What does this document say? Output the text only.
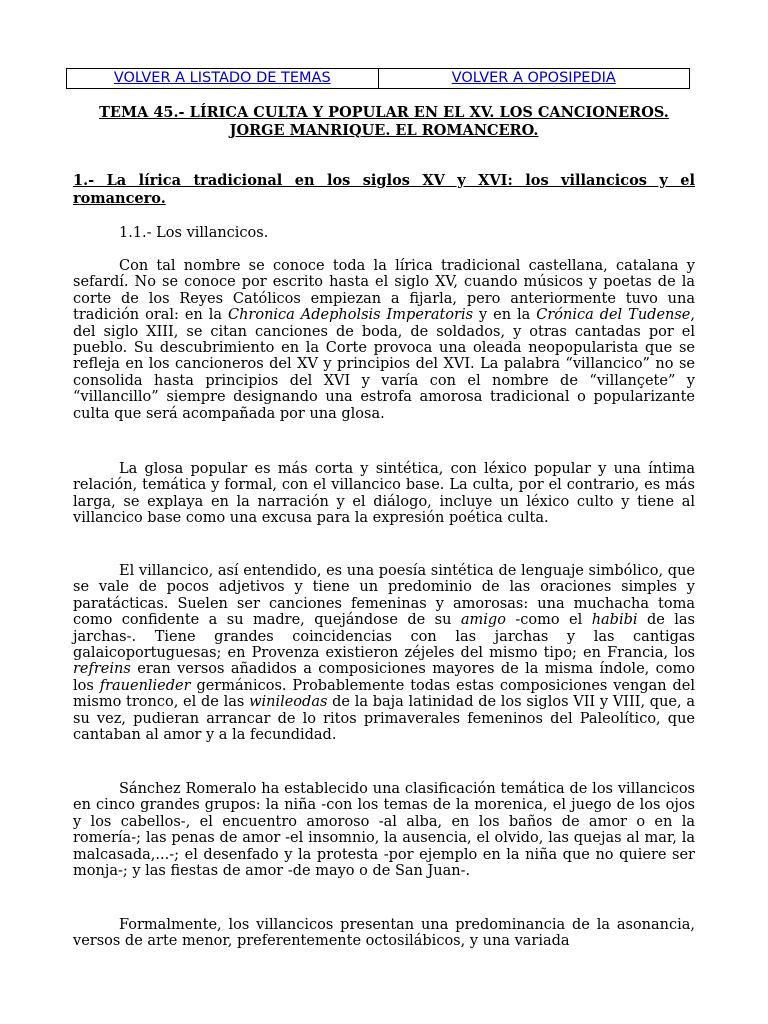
VOLVER A LISTADO DE TEMAS	VOLVER A OPOSIPEDIA
TEMA 45.- LÍRICA CULTA Y POPULAR EN EL XV. LOS CANCIONEROS.
JORGE MANRIQUE. EL ROMANCERO.
1.- La lírica tradicional en los siglos XV y XVI: los villancicos y el romancero.
1.1.- Los villancicos.
Con tal nombre se conoce toda la lírica tradicional castellana, catalana y sefardí. No se conoce por escrito hasta el siglo XV, cuando músicos y poetas de la corte de los Reyes Católicos empiezan a fijarla, pero anteriormente tuvo una tradición oral: en la Chronica Adepholsis Imperatoris y en la Crónica del Tudense, del siglo XIII, se citan canciones de boda, de soldados, y otras cantadas por el pueblo. Su descubrimiento en la Corte provoca una oleada neopopularista que se refleja en los cancioneros del XV y principios del XVI. La palabra “villancico” no se consolida hasta principios del XVI y varía con el nombre de “villançete” y “villancillo” siempre designando una estrofa amorosa tradicional o popularizante culta que será acompañada por una glosa.
La glosa popular es más corta y sintética, con léxico popular y una íntima relación, temática y formal, con el villancico base. La culta, por el contrario, es más larga, se explaya en la narración y el diálogo, incluye un léxico culto y tiene al villancico base como una excusa para la expresión poética culta.
El villancico, así entendido, es una poesía sintética de lenguaje simbólico, que se vale de pocos adjetivos y tiene un predominio de las oraciones simples y paratácticas. Suelen ser canciones femeninas y amorosas: una muchacha toma como confidente a su madre, quejándose de su amigo -como el habibi de las jarchas-. Tiene grandes coincidencias con las jarchas y las cantigas galaicoportuguesas; en Provenza existieron zéjeles del mismo tipo; en Francia, los refreins eran versos añadidos a composiciones mayores de la misma índole, como los frauenlieder germánicos. Probablemente todas estas composiciones vengan del mismo tronco, el de las winileodas de la baja latinidad de los siglos VII y VIII, que, a su vez, pudieran arrancar de lo ritos primaverales femeninos del Paleolítico, que cantaban al amor y a la fecundidad.
Sánchez Romeralo ha establecido una clasificación temática de los villancicos en cinco grandes grupos: la niña -con los temas de la morenica, el juego de los ojos y los cabellos-, el encuentro amoroso -al alba, en los baños de amor o en la romería-; las penas de amor -el insomnio, la ausencia, el olvido, las quejas al mar, la malcasada,...-; el desenfado y la protesta -por ejemplo en la niña que no quiere ser monja-; y las fiestas de amor -de mayo o de San Juan-.
Formalmente, los villancicos presentan una predominancia de la asonancia, versos de arte menor, preferentemente octosilábicos, y una variada
